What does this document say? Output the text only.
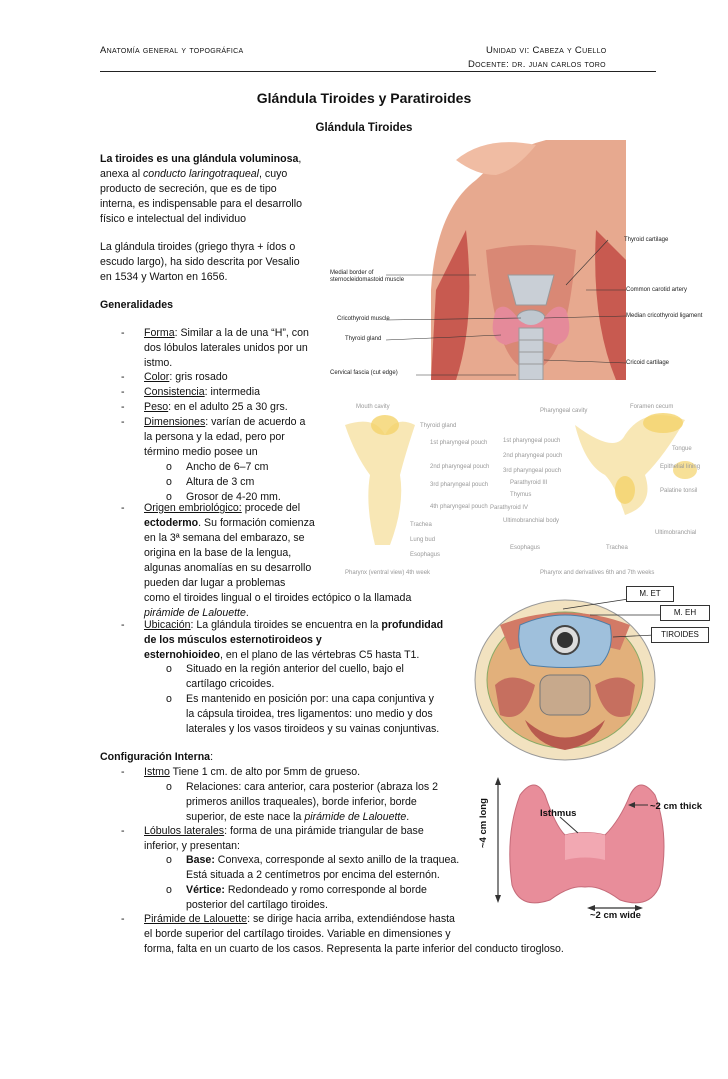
Anatomía general y topográfica	Unidad vi: Cabeza y Cuello
Docente: dr. juan carlos toro
Glándula Tiroides y Paratiroides
Glándula Tiroides
La tiroides es una glándula voluminosa,
anexa al conducto laringotraqueal, cuyo
producto de secreción, que es de tipo
interna, es indispensable para el desarrollo
físico e intelectual del individuo
La glándula tiroides (griego thyra + ídos o
escudo largo), ha sido descrita por Vesalio
en 1534 y Warton en 1656.
Generalidades
- Forma: Similar a la de una “H”, con
dos lóbulos laterales unidos por un
istmo.
- Color: gris rosado
- Consistencia: intermedia
- Peso: en el adulto 25 a 30 grs.
- Dimensiones: varían de acuerdo a
la persona y la edad, pero por
término medio posee un
o Ancho de 6–7 cm
o Altura de 3 cm
o Grosor de 4-20 mm.
- Origen embriológico: procede del
ectodermo. Su formación comienza
en la 3ª semana del embarazo, se
origina en la base de la lengua,
algunas anomalías en su desarrollo
pueden dar lugar a problemas
como el tiroides lingual o el tiroides ectópico o la llamada
pirámide de Lalouette.
- Ubicación: La glándula tiroides se encuentra en la profundidad
de los músculos esternotiroideos y
esternohioideo, en el plano de las vértebras C5 hasta T1.
o Situado en la región anterior del cuello, bajo el
cartílago cricoides.
o Es mantenido en posición por: una capa conjuntiva y
la cápsula tiroidea, tres ligamentos: uno medio y dos
laterales y los vasos tiroideos y su vainas conjuntivas.
Configuración Interna:
- Istmo Tiene 1 cm. de alto por 5mm de grueso.
o Relaciones: cara anterior, cara posterior (abraza los 2
primeros anillos traqueales), borde inferior, borde
superior, de este nace la pirámide de Lalouette.
- Lóbulos laterales: forma de una pirámide triangular de base
inferior, y presentan:
o Base: Convexa, corresponde al sexto anillo de la traquea.
Está situada a 2 centímetros por encima del esternón.
o Vértice: Redondeado y romo corresponde al borde
posterior del cartílago tiroides.
- Pirámide de Lalouette: se dirige hacia arriba, extendiéndose hasta
el borde superior del cartílago tiroides. Variable en dimensiones y
forma, falta en un cuarto de los casos. Representa la parte inferior del conducto tirogloso.
Medial border of
sternocleidomastoid muscle
Thyroid cartilage
Common carotid artery
Cricothyroid muscle	Median cricothyroid ligament
Thyroid gland
Cricoid cartilage
Cervical fascia (cut edge)
Mouth cavity
Thyroid gland
1st pharyngeal pouch
2nd pharyngeal pouch
3rd pharyngeal pouch
4th pharyngeal pouch
Trachea
Lung bud
Esophagus
Pharyngeal cavity
Foramen cecum
1st pharyngeal pouch
2nd pharyngeal pouch
3rd pharyngeal pouch
Parathyroid III
Thymus
Parathyroid IV
Ultimobranchial body
Esophagus	Trachea
Tongue
Epithelial lining
Palatine tonsil
Ultimobranchial
Pharynx (ventral view) 4th week	Pharynx and derivatives 6th and 7th weeks
M. ET
M. EH
TIROIDES
Isthmus
~2 cm thick
~4 cm long
~2 cm wide
